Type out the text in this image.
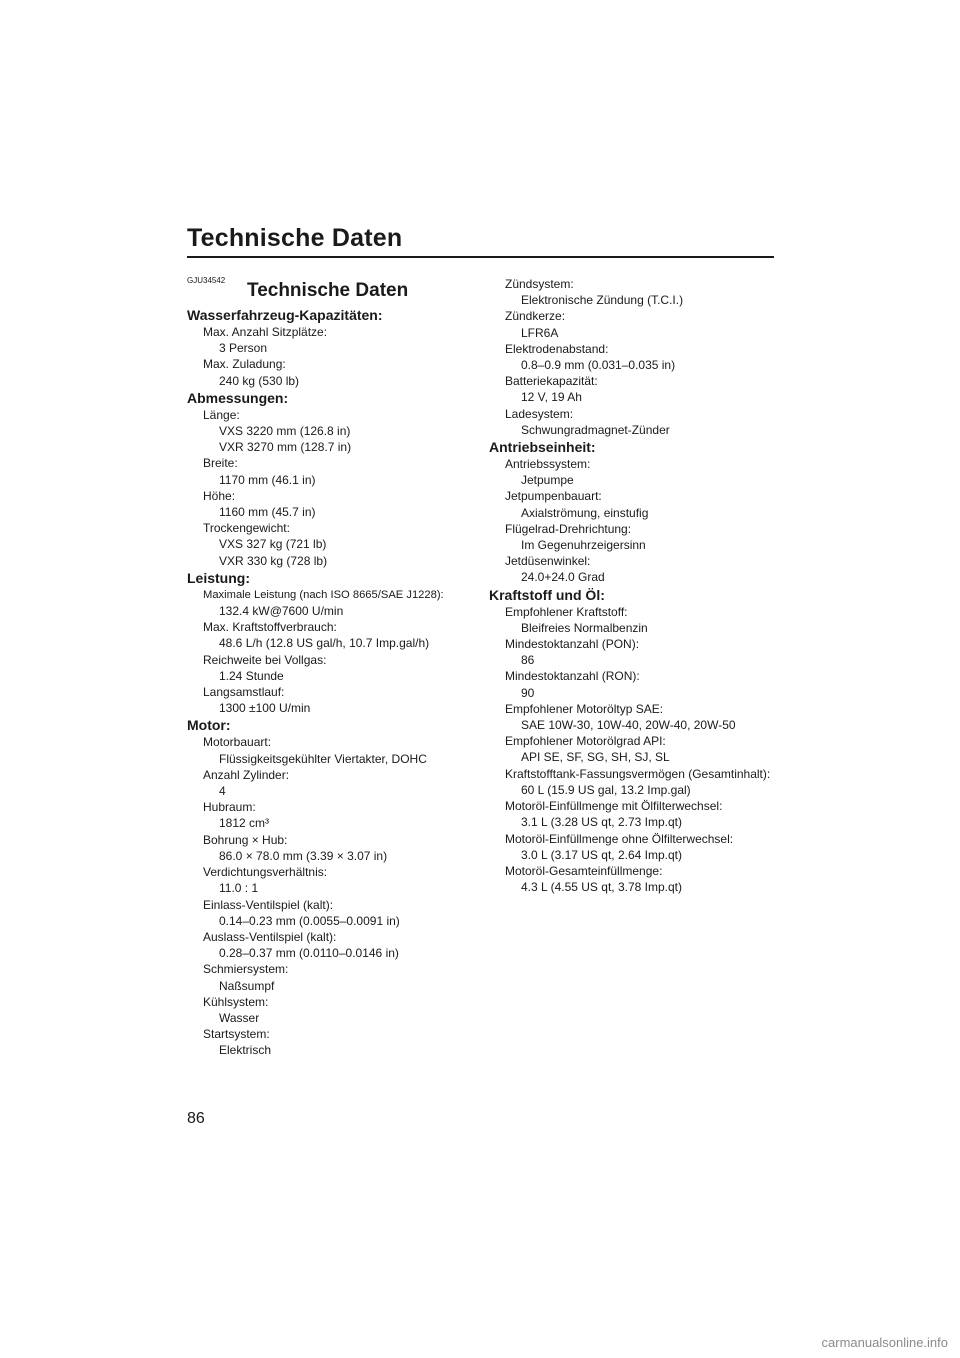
Technische Daten
GJU34542 Technische Daten

Wasserfahrzeug-Kapazitäten:

Max. Anzahl Sitzplätze:

3 Person

Max. Zuladung:

240 kg (530 lb)

Abmessungen:

Länge:

VXS 3220 mm (126.8 in)

VXR 3270 mm (128.7 in)

Breite:

1170 mm (46.1 in)

Höhe:

1160 mm (45.7 in)

Trockengewicht:

VXS 327 kg (721 lb)

VXR 330 kg (728 lb)

Leistung:

Maximale Leistung (nach ISO 8665/SAE J1228):

132.4 kW@7600 U/min

Max. Kraftstoffverbrauch:

48.6 L/h (12.8 US gal/h, 10.7 Imp.gal/h)

Reichweite bei Vollgas:

1.24 Stunde

Langsamstlauf:

1300 ±100 U/min

Motor:

Motorbauart:

Flüssigkeitsgekühlter Viertakter, DOHC

Anzahl Zylinder:

4

Hubraum:

1812 cm³

Bohrung × Hub:

86.0 × 78.0 mm (3.39 × 3.07 in)

Verdichtungsverhältnis:

11.0 : 1

Einlass-Ventilspiel (kalt):

0.14–0.23 mm (0.0055–0.0091 in)

Auslass-Ventilspiel (kalt):

0.28–0.37 mm (0.0110–0.0146 in)

Schmiersystem:

Naßsumpf

Kühlsystem:

Wasser

Startsystem:

Elektrisch

Zündsystem:

Elektronische Zündung (T.C.I.)

Zündkerze:

LFR6A

Elektrodenabstand:

0.8–0.9 mm (0.031–0.035 in)

Batteriekapazität:

12 V, 19 Ah

Ladesystem:

Schwungradmagnet-Zünder

Antriebseinheit:

Antriebssystem:

Jetpumpe

Jetpumpenbauart:

Axialströmung, einstufig

Flügelrad-Drehrichtung:

Im Gegenuhrzeigersinn

Jetdüsenwinkel:

24.0+24.0 Grad

Kraftstoff und Öl:

Empfohlener Kraftstoff:

Bleifreies Normalbenzin

Mindestoktanzahl (PON):

86

Mindestoktanzahl (RON):

90

Empfohlener Motoröltyp SAE:

SAE 10W-30, 10W-40, 20W-40, 20W-50

Empfohlener Motorölgrad API:

API SE, SF, SG, SH, SJ, SL

Kraftstofftank-Fassungsvermögen (Gesamtinhalt):

60 L (15.9 US gal, 13.2 Imp.gal)

Motoröl-Einfüllmenge mit Ölfilterwechsel:

3.1 L (3.28 US qt, 2.73 Imp.qt)

Motoröl-Einfüllmenge ohne Ölfilterwechsel:

3.0 L (3.17 US qt, 2.64 Imp.qt)

Motoröl-Gesamteinfüllmenge:

4.3 L (4.55 US qt, 3.78 Imp.qt)

86

carmanualsonline.info
